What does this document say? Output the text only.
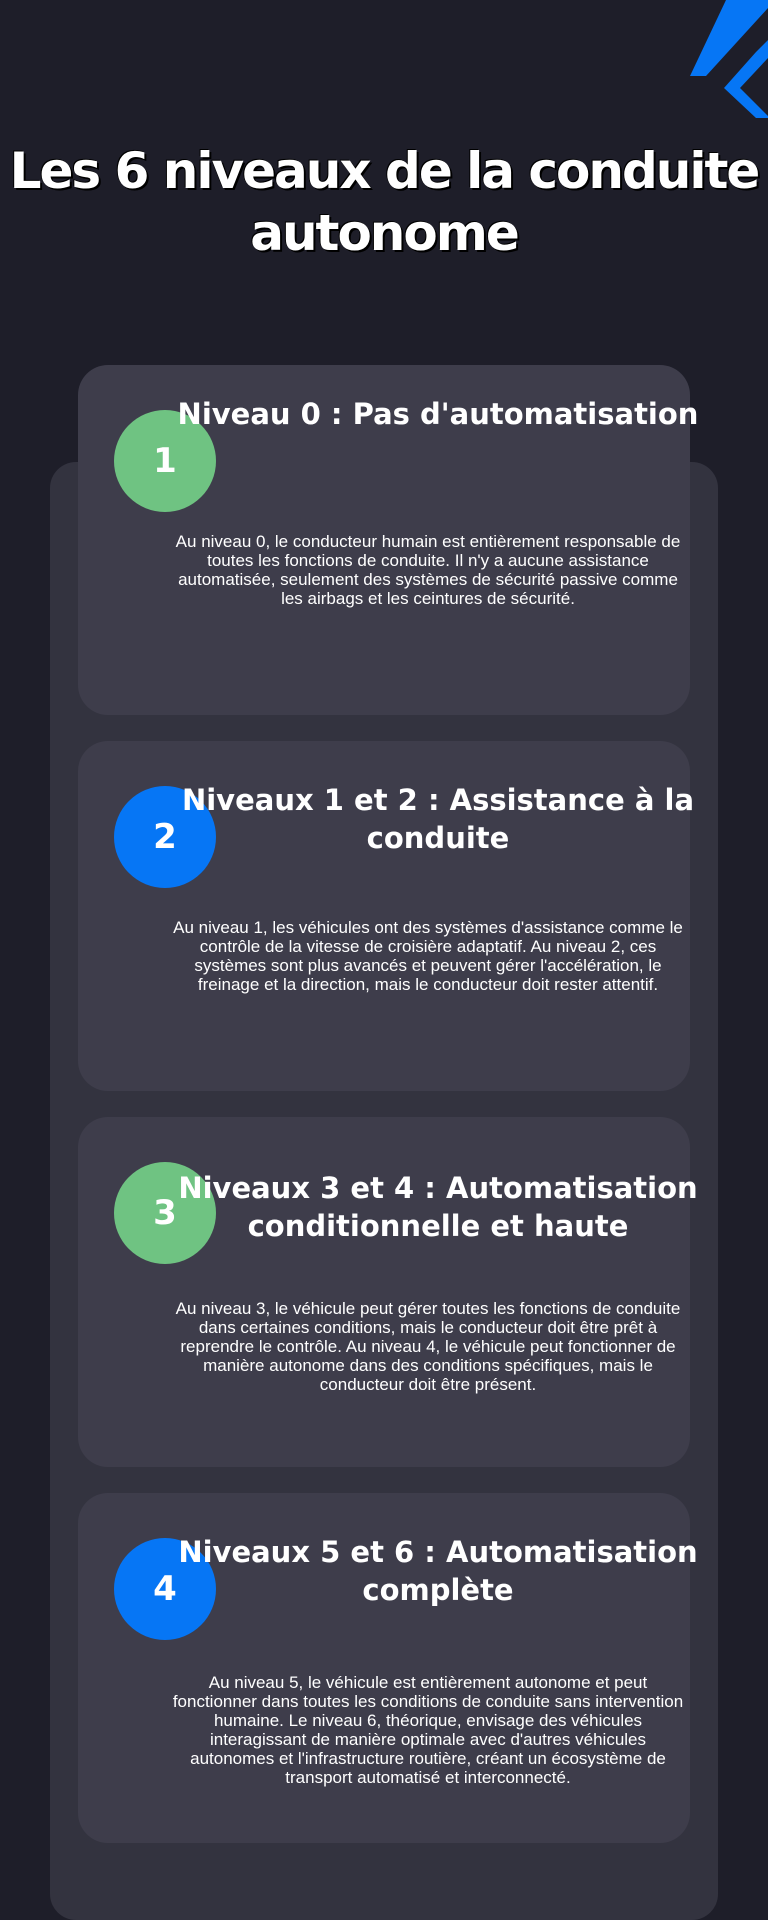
Les 6 niveaux de la conduite autonome
1
Niveau 0 : Pas d'automatisation
Au niveau 0, le conducteur humain est entièrement responsable de toutes les fonctions de conduite. Il n'y a aucune assistance automatisée, seulement des systèmes de sécurité passive comme les airbags et les ceintures de sécurité.
2
Niveaux 1 et 2 : Assistance à la conduite
Au niveau 1, les véhicules ont des systèmes d'assistance comme le contrôle de la vitesse de croisière adaptatif. Au niveau 2, ces systèmes sont plus avancés et peuvent gérer l'accélération, le freinage et la direction, mais le conducteur doit rester attentif.
3
Niveaux 3 et 4 : Automatisation conditionnelle et haute
Au niveau 3, le véhicule peut gérer toutes les fonctions de conduite dans certaines conditions, mais le conducteur doit être prêt à reprendre le contrôle. Au niveau 4, le véhicule peut fonctionner de manière autonome dans des conditions spécifiques, mais le conducteur doit être présent.
4
Niveaux 5 et 6 : Automatisation complète
Au niveau 5, le véhicule est entièrement autonome et peut fonctionner dans toutes les conditions de conduite sans intervention humaine. Le niveau 6, théorique, envisage des véhicules interagissant de manière optimale avec d'autres véhicules autonomes et l'infrastructure routière, créant un écosystème de transport automatisé et interconnecté.
